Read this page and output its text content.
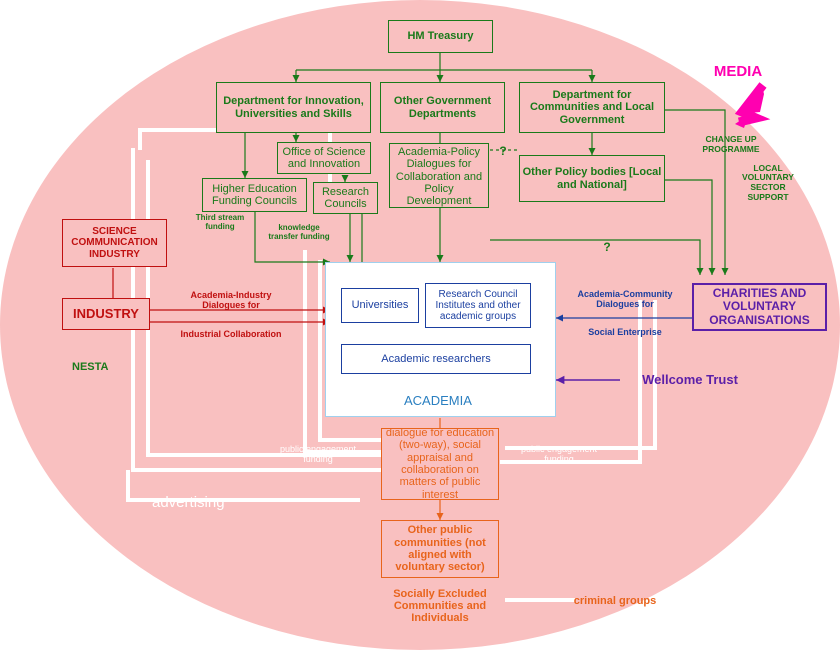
HM Treasury
Department for Innovation, Universities and Skills
Other Government Departments
Department for Communities and Local Government
Office of Science and Innovation
Academia-Policy Dialogues for
Collaboration and Policy Development
Other Policy bodies [Local and National]
Higher Education Funding Councils
Research Councils
SCIENCE COMMUNICATION INDUSTRY
INDUSTRY
NESTA
Universities
Research Council Institutes and other academic groups
Academic researchers
ACADEMIA
CHARITIES AND VOLUNTARY ORGANISATIONS
Wellcome Trust
MEDIA
CHANGE UP PROGRAMME
LOCAL VOLUNTARY SECTOR SUPPORT
dialogue for education (two-way), social appraisal and collaboration on matters of public interest
Other public communities (not aligned with voluntary sector)
Socially Excluded Communities and Individuals
criminal groups
advertising
Third stream funding	knowledge transfer funding
Academia-Industry Dialogues for
Industrial Collaboration
Academia-Community Dialogues for
Social Enterprise
public engagement funding
public engagement funding
?
?
